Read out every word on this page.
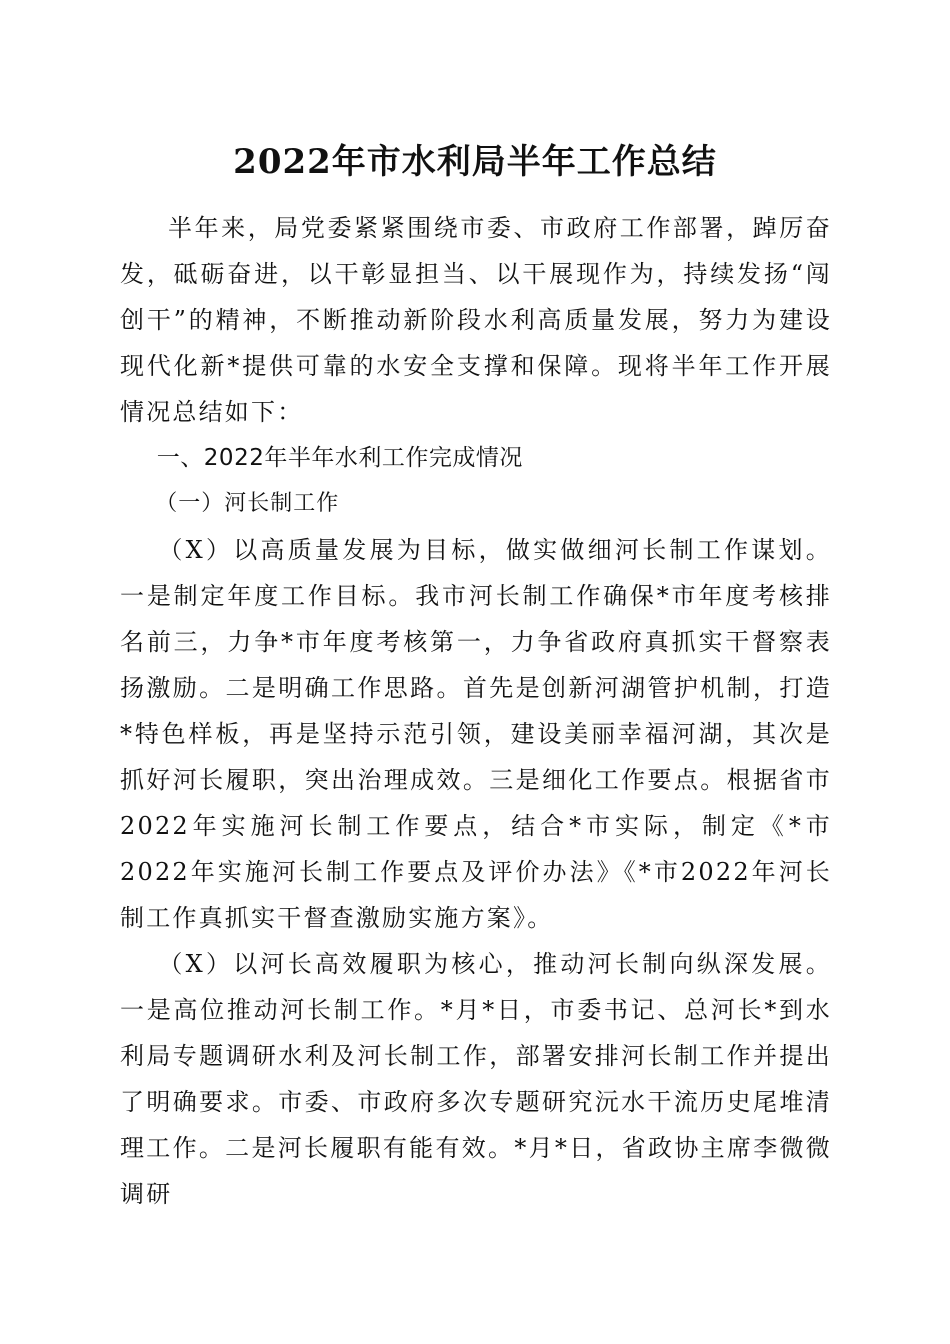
2022年市水利局半年工作总结

半年来，局党委紧紧围绕市委、市政府工作部署，踔厉奋发，砥砺奋进，以干彰显担当、以干展现作为，持续发扬“闯创干”的精神，不断推动新阶段水利高质量发展，努力为建设现代化新*提供可靠的水安全支撑和保障。现将半年工作开展情况总结如下：

一、2022年半年水利工作完成情况

（一）河长制工作

（X）以高质量发展为目标，做实做细河长制工作谋划。一是制定年度工作目标。我市河长制工作确保*市年度考核排名前三，力争*市年度考核第一，力争省政府真抓实干督察表扬激励。二是明确工作思路。首先是创新河湖管护机制，打造*特色样板，再是坚持示范引领，建设美丽幸福河湖，其次是抓好河长履职，突出治理成效。三是细化工作要点。根据省市2022年实施河长制工作要点，结合*市实际，制定《*市2022年实施河长制工作要点及评价办法》《*市2022年河长制工作真抓实干督查激励实施方案》。

（X）以河长高效履职为核心，推动河长制向纵深发展。一是高位推动河长制工作。*月*日，市委书记、总河长*到水利局专题调研水利及河长制工作，部署安排河长制工作并提出了明确要求。市委、市政府多次专题研究沅水干流历史尾堆清理工作。二是河长履职有能有效。*月*日，省政协主席李微微调研
